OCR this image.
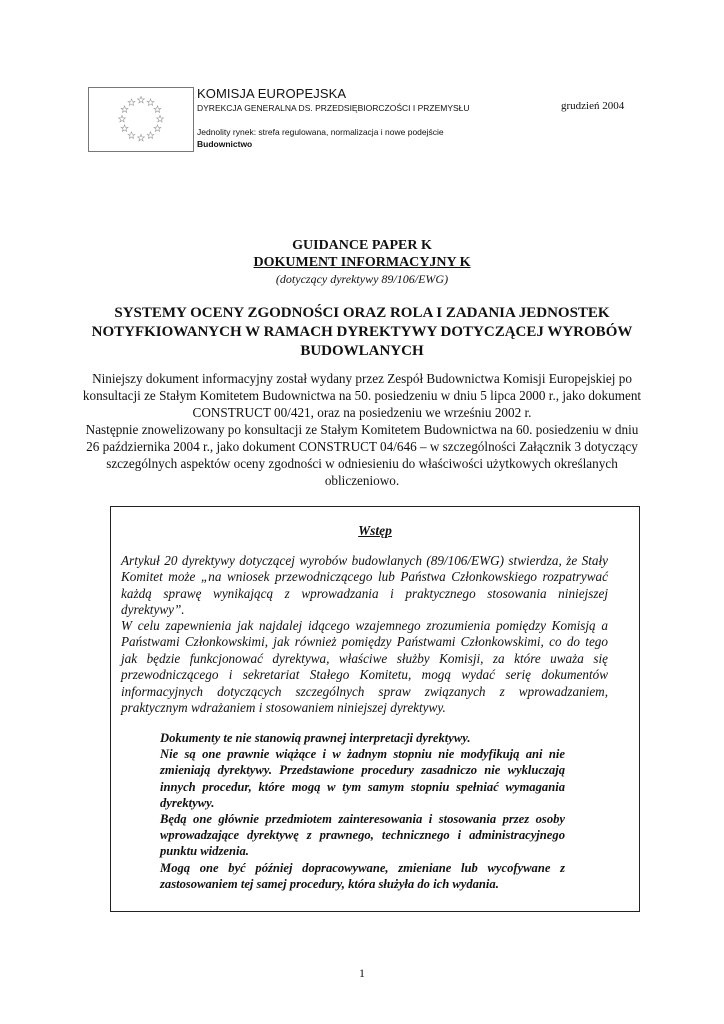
KOMISJA EUROPEJSKA
DYREKCJA GENERALNA DS. PRZEDSIĘBIORCZOŚCI I PRZEMYSŁU	grudzień 2004
Jednolity rynek: strefa regulowana, normalizacja i nowe podejście
Budownictwo
GUIDANCE PAPER K
DOKUMENT INFORMACYJNY K
(dotyczący dyrektywy 89/106/EWG)
SYSTEMY OCENY ZGODNOŚCI ORAZ ROLA I ZADANIA JEDNOSTEK NOTYFKIOWANYCH W RAMACH DYREKTYWY DOTYCZĄCEJ WYROBÓW BUDOWLANYCH

Niniejszy dokument informacyjny został wydany przez Zespół Budownictwa Komisji Europejskiej po konsultacji ze Stałym Komitetem Budownictwa na 50. posiedzeniu w dniu 5 lipca 2000 r., jako dokument CONSTRUCT 00/421, oraz na posiedzeniu we wrześniu 2002 r.

Następnie znowelizowany po konsultacji ze Stałym Komitetem Budownictwa na 60. posiedzeniu w dniu 26 października 2004 r., jako dokument CONSTRUCT 04/646 – w szczególności Załącznik 3 dotyczący szczególnych aspektów oceny zgodności w odniesieniu do właściwości użytkowych określanych obliczeniowo.

Wstęp

Artykuł 20 dyrektywy dotyczącej wyrobów budowlanych (89/106/EWG) stwierdza, że Stały Komitet może „na wniosek przewodniczącego lub Państwa Członkowskiego rozpatrywać każdą sprawę wynikającą z wprowadzania i praktycznego stosowania niniejszej dyrektywy”.

W celu zapewnienia jak najdalej idącego wzajemnego zrozumienia pomiędzy Komisją a Państwami Członkowskimi, jak również pomiędzy Państwami Członkowskimi, co do tego jak będzie funkcjonować dyrektywa, właściwe służby Komisji, za które uważa się przewodniczącego i sekretariat Stałego Komitetu, mogą wydać serię dokumentów informacyjnych dotyczących szczególnych spraw związanych z wprowadzaniem, praktycznym wdrażaniem i stosowaniem niniejszej dyrektywy.

Dokumenty te nie stanowią prawnej interpretacji dyrektywy.

Nie są one prawnie wiążące i w żadnym stopniu nie modyfikują ani nie zmieniają dyrektywy. Przedstawione procedury zasadniczo nie wykluczają innych procedur, które mogą w tym samym stopniu spełniać wymagania dyrektywy.

Będą one głównie przedmiotem zainteresowania i stosowania przez osoby wprowadzające dyrektywę z prawnego, technicznego i administracyjnego punktu widzenia.

Mogą one być później dopracowywane, zmieniane lub wycofywane z zastosowaniem tej samej procedury, która służyła do ich wydania.

1
